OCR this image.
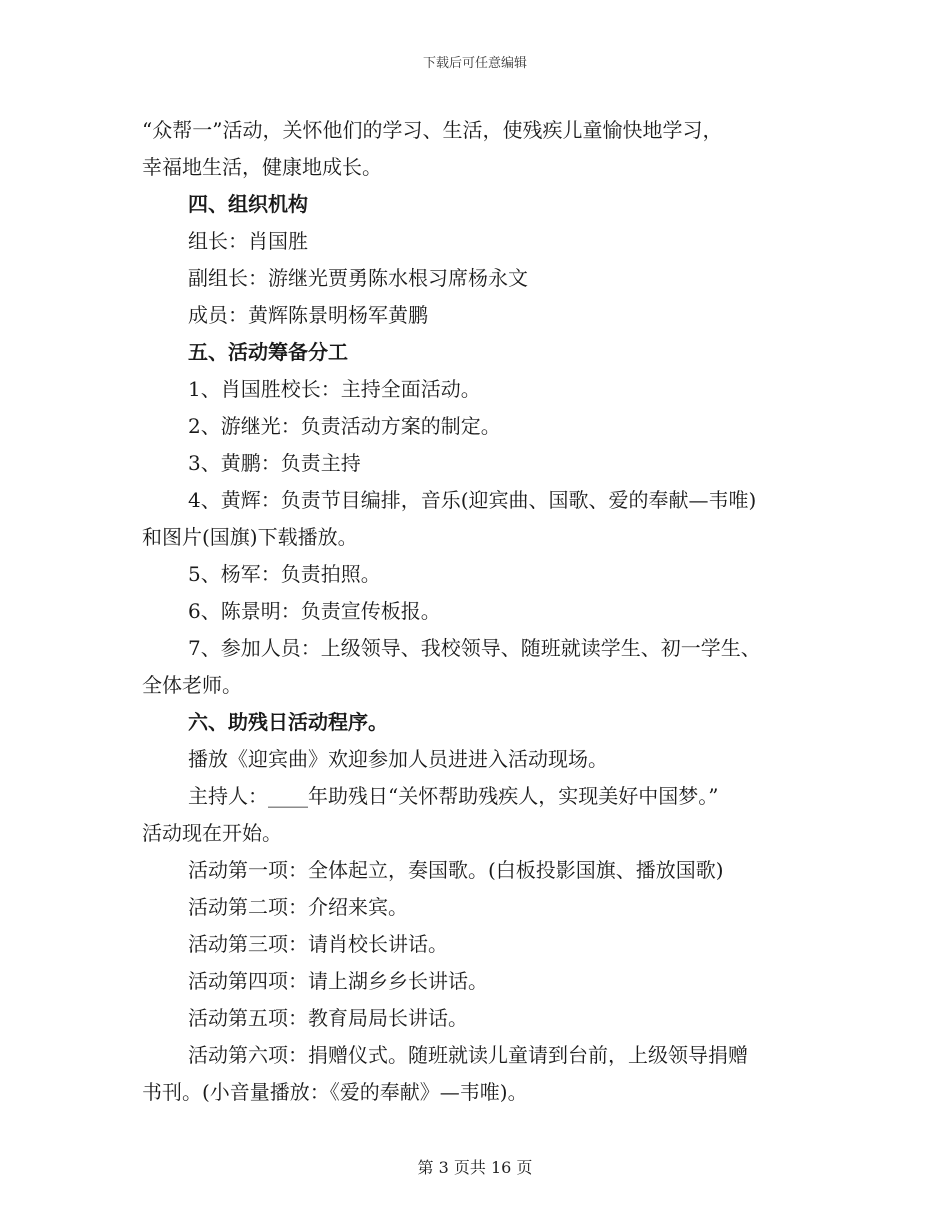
下载后可任意编辑
“众帮一”活动，关怀他们的学习、生活，使残疾儿童愉快地学习，
幸福地生活，健康地成长。
四、组织机构
组长：肖国胜
副组长：游继光贾勇陈水根习席杨永文
成员：黄辉陈景明杨军黄鹏
五、活动筹备分工
1、肖国胜校长：主持全面活动。
2、游继光：负责活动方案的制定。
3、黄鹏：负责主持
4、黄辉：负责节目编排，音乐(迎宾曲、国歌、爱的奉献—韦唯)
和图片(国旗)下载播放。
5、杨军：负责拍照。
6、陈景明：负责宣传板报。
7、参加人员：上级领导、我校领导、随班就读学生、初一学生、
全体老师。
六、助残日活动程序。
播放《迎宾曲》欢迎参加人员进进入活动现场。
主持人：____年助残日“关怀帮助残疾人，实现美好中国梦。”
活动现在开始。
活动第一项：全体起立，奏国歌。(白板投影国旗、播放国歌)
活动第二项：介绍来宾。
活动第三项：请肖校长讲话。
活动第四项：请上湖乡乡长讲话。
活动第五项：教育局局长讲话。
活动第六项：捐赠仪式。随班就读儿童请到台前，上级领导捐赠
书刊。(小音量播放：《爱的奉献》—韦唯)。
第 3 页共 16 页
